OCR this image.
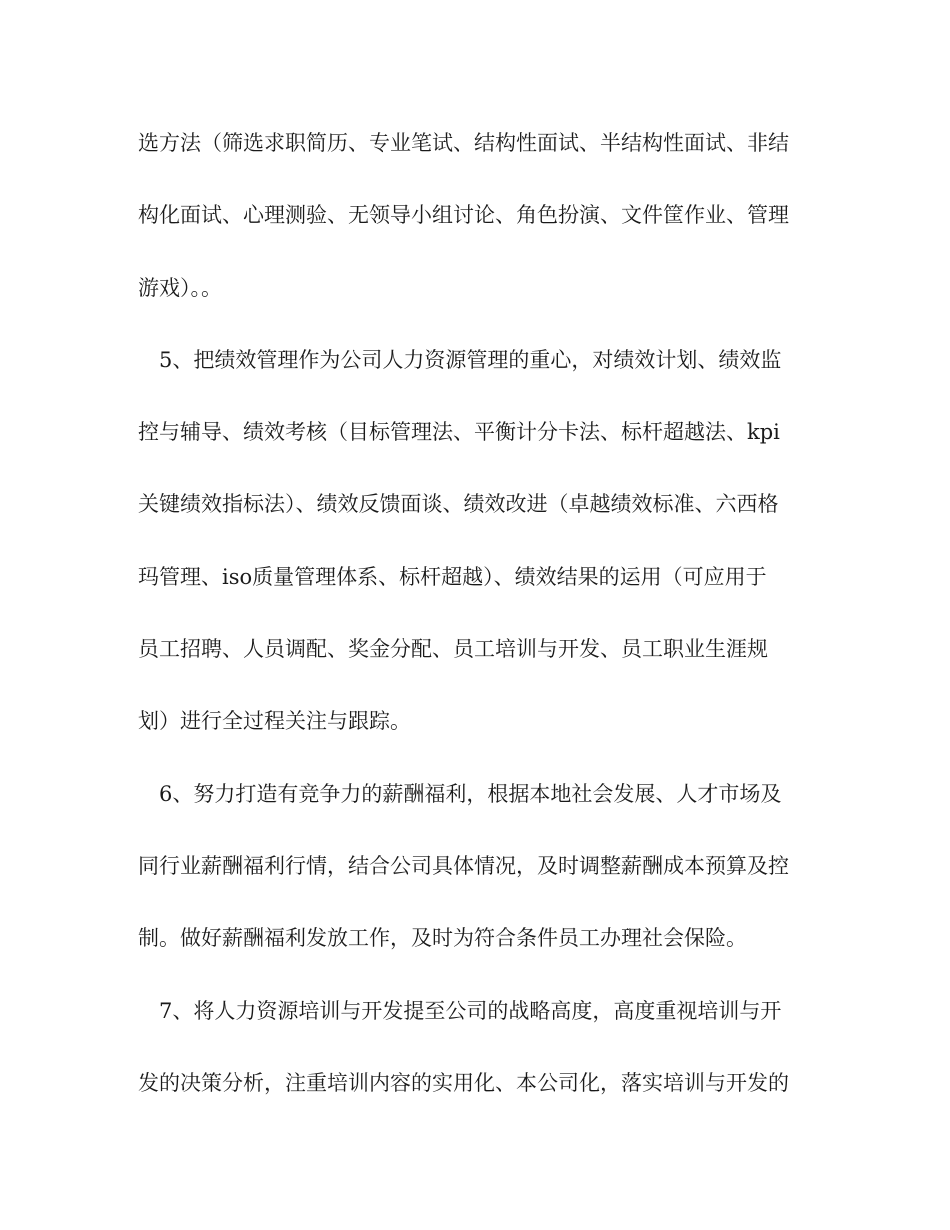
选方法（筛选求职简历、专业笔试、结构性面试、半结构性面试、非结
构化面试、心理测验、无领导小组讨论、角色扮演、文件筐作业、管理
游戏）。。
　5、把绩效管理作为公司人力资源管理的重心，对绩效计划、绩效监
控与辅导、绩效考核（目标管理法、平衡计分卡法、标杆超越法、kpi
关键绩效指标法）、绩效反馈面谈、绩效改进（卓越绩效标准、六西格
玛管理、iso质量管理体系、标杆超越）、绩效结果的运用（可应用于
员工招聘、人员调配、奖金分配、员工培训与开发、员工职业生涯规
划）进行全过程关注与跟踪。
　6、努力打造有竞争力的薪酬福利，根据本地社会发展、人才市场及
同行业薪酬福利行情，结合公司具体情况，及时调整薪酬成本预算及控
制。做好薪酬福利发放工作，及时为符合条件员工办理社会保险。
　7、将人力资源培训与开发提至公司的战略高度，高度重视培训与开
发的决策分析，注重培训内容的实用化、本公司化，落实培训与开发的
